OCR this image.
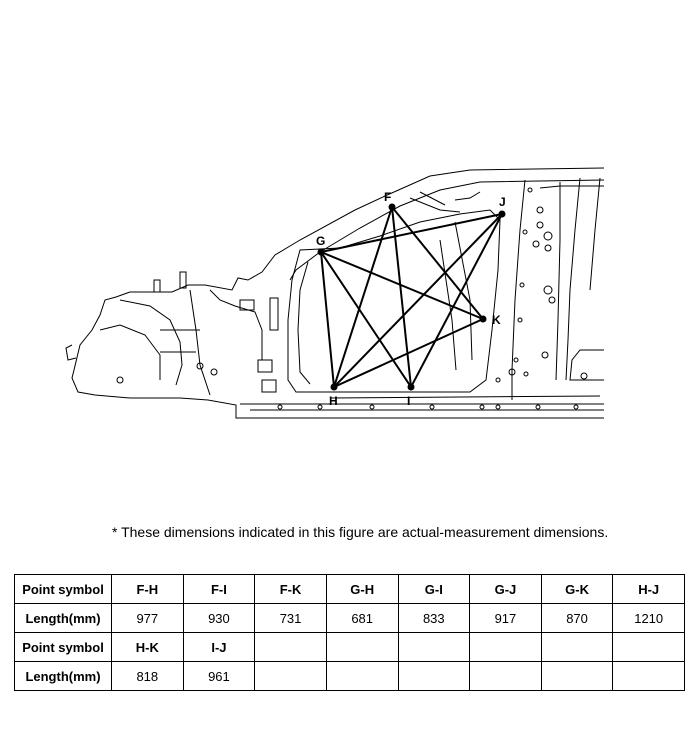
F
G
H	I
J
K
* These dimensions indicated in this figure are actual-measurement dimensions.
Point symbol	F-H	F-I	F-K	G-H	G-I	G-J	G-K	H-J
Length(mm)	977	930	731	681	833	917	870	1210
Point symbol	H-K	I-J						
Length(mm)	818	961						
